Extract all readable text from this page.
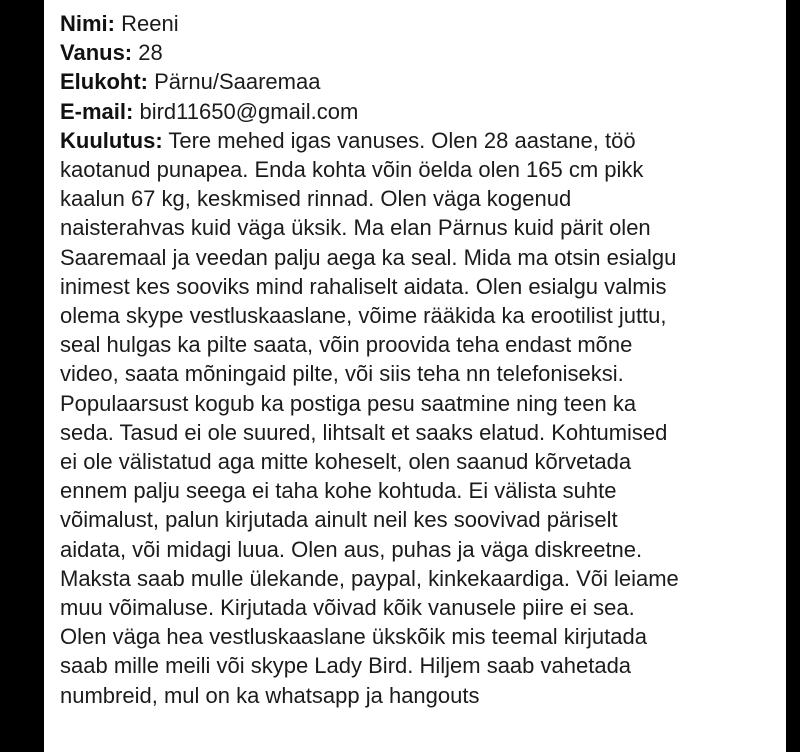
Nimi: Reeni

Vanus: 28

Elukoht: Pärnu/Saaremaa

E-mail: bird11650@gmail.com

Kuulutus: Tere mehed igas vanuses. Olen 28 aastane, töö
kaotanud punapea. Enda kohta võin öelda olen 165 cm pikk
kaalun 67 kg, keskmised rinnad. Olen väga kogenud
naisterahvas kuid väga üksik. Ma elan Pärnus kuid pärit olen
Saaremaal ja veedan palju aega ka seal. Mida ma otsin esialgu
inimest kes sooviks mind rahaliselt aidata. Olen esialgu valmis
olema skype vestluskaaslane, võime rääkida ka erootilist juttu,
seal hulgas ka pilte saata, võin proovida teha endast mõne
video, saata mõningaid pilte, või siis teha nn telefoniseksi.
Populaarsust kogub ka postiga pesu saatmine ning teen ka
seda. Tasud ei ole suured, lihtsalt et saaks elatud. Kohtumised
ei ole välistatud aga mitte koheselt, olen saanud kõrvetada
ennem palju seega ei taha kohe kohtuda. Ei välista suhte
võimalust, palun kirjutada ainult neil kes soovivad päriselt
aidata, või midagi luua. Olen aus, puhas ja väga diskreetne.
Maksta saab mulle ülekande, paypal, kinkekaardiga. Või leiame
muu võimaluse. Kirjutada võivad kõik vanusele piire ei sea.
Olen väga hea vestluskaaslane ükskõik mis teemal kirjutada
saab mille meili või skype Lady Bird. Hiljem saab vahetada
numbreid, mul on ka whatsapp ja hangouts
